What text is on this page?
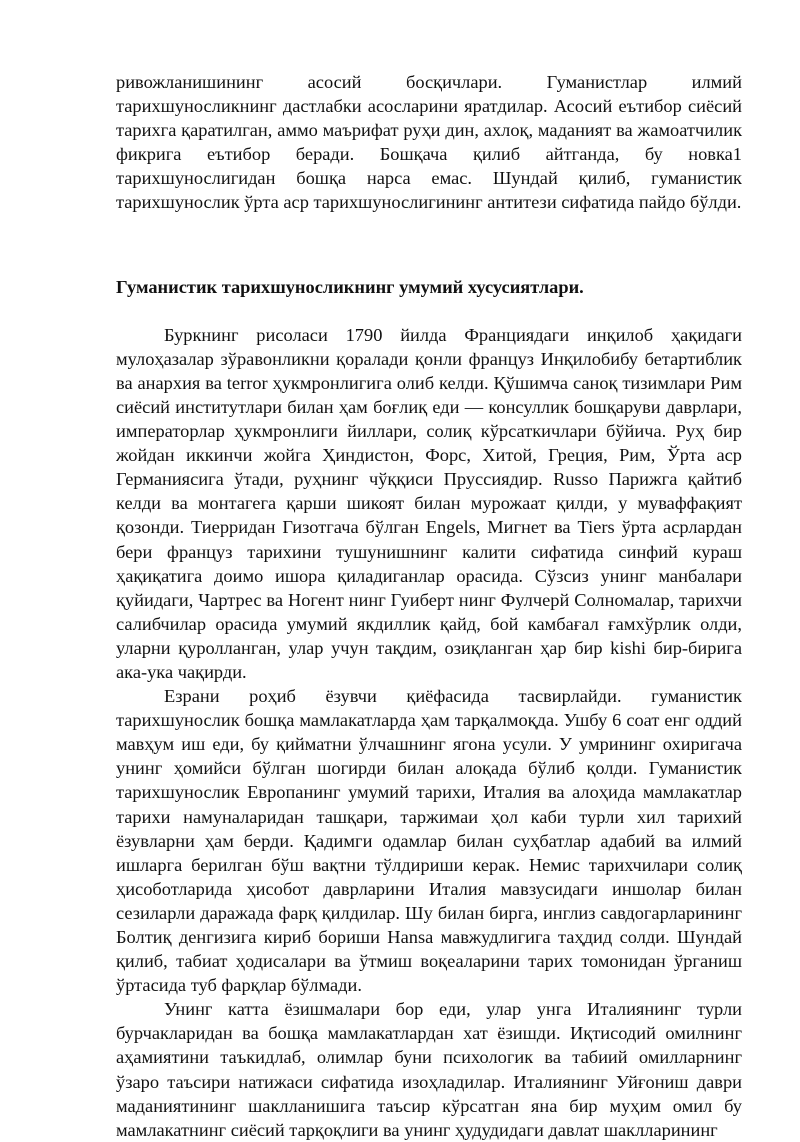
ривожланишининг асосий босқичлари. Гуманистлар илмий тарихшуносликнинг дастлабки асосларини яратдилар. Асосий еътибор сиёсий тарихга қаратилган, аммо маърифат руҳи дин, ахлоқ, маданият ва жамоатчилик фикрига еътибор беради. Бошқача қилиб айтганда, бу новка1 тарихшунослигидан бошқа нарса емас. Шундай қилиб, гуманистик тарихшунослик ўрта аср тарихшунослигининг антитези сифатида пайдо бўлди.

Гуманистик тарихшуносликнинг умумий хусусиятлари.

Буркнинг рисоласи 1790 йилда Франциядаги инқилоб ҳақидаги мулоҳазалар зўравонликни қоралади қонли француз Инқилобибу бетартиблик ва анархия ва terror ҳукмронлигига олиб келди. Қўшимча саноқ тизимлари Рим сиёсий институтлари билан ҳам боғлиқ еди — консуллик бошқаруви даврлари, императорлар ҳукмронлиги йиллари, солиқ кўрсаткичлари бўйича. Руҳ бир жойдан иккинчи жойга Ҳиндистон, Форс, Хитой, Греция, Рим, Ўрта аср Германиясига ўтади, руҳнинг чўққиси Пруссиядир. Russo Парижга қайтиб келди ва монтагега қарши шикоят билан мурожаат қилди, у муваффақият қозонди. Тиерридан Гизотгача бўлган Engels, Мигнет ва Tiers ўрта асрлардан бери француз тарихини тушунишнинг калити сифатида синфий кураш ҳақиқатига доимо ишора қиладиганлар орасида. Сўзсиз унинг манбалари қуйидаги, Чартрес ва Ногент нинг Гуиберт нинг Фулчерй Солномалар, тарихчи салибчилар орасида умумий якдиллик қайд, бой камбағал ғамхўрлик олди, уларни қуролланган, улар учун тақдим, озиқланган ҳар бир kishi бир-бирига ака-ука чақирди.

Езрани роҳиб ёзувчи қиёфасида тасвирлайди. гуманистик тарихшунослик бошқа мамлакатларда ҳам тарқалмоқда. Ушбу 6 соат енг оддий мавҳум иш еди, бу қийматни ўлчашнинг ягона усули. У умрининг охиригача унинг ҳомийси бўлган шогирди билан алоқада бўлиб қолди. Гуманистик тарихшунослик Европанинг умумий тарихи, Италия ва алоҳида мамлакатлар тарихи намуналаридан ташқари, таржимаи ҳол каби турли хил тарихий ёзувларни ҳам берди. Қадимги одамлар билан суҳбатлар адабий ва илмий ишларга берилган бўш вақтни тўлдириши керак. Немис тарихчилари солиқ ҳисоботларида ҳисобот даврларини Италия мавзусидаги иншолар билан сезиларли даражада фарқ қилдилар. Шу билан бирга, инглиз савдогарларининг Болтиқ денгизига кириб бориши Hansa мавжудлигига таҳдид солди. Шундай қилиб, табиат ҳодисалари ва ўтмиш воқеаларини тарих томонидан ўрганиш ўртасида туб фарқлар бўлмади.

Унинг катта ёзишмалари бор еди, улар унга Италиянинг турли бурчакларидан ва бошқа мамлакатлардан хат ёзишди. Иқтисодий омилнинг аҳамиятини таъкидлаб, олимлар буни психологик ва табиий омилларнинг ўзаро таъсири натижаси сифатида изоҳладилар. Италиянинг Уйғониш даври маданиятининг шаклланишига таъсир кўрсатган яна бир муҳим омил бу мамлакатнинг сиёсий тарқоқлиги ва унинг ҳудудидаги давлат шаклларининг
